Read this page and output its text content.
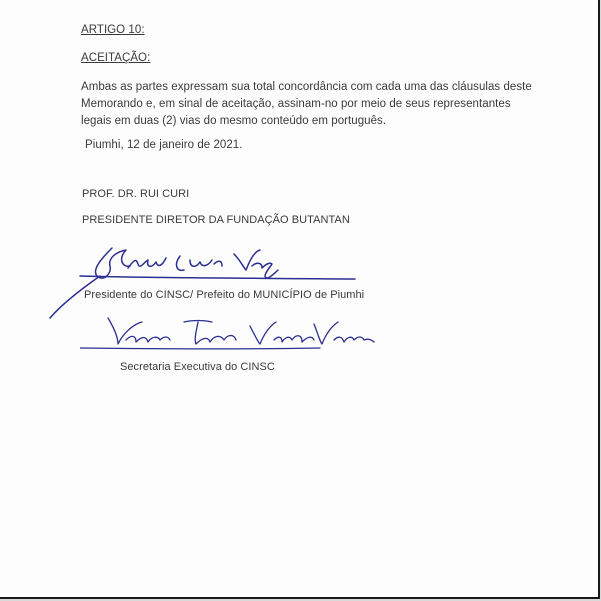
ARTIGO 10:
ACEITAÇÃO:
Ambas as partes expressam sua total concordância com cada uma das cláusulas deste
Memorando e, em sinal de aceitação, assinam-no por meio de seus representantes
legais em duas (2) vias do mesmo conteúdo em português.
Piumhi, 12 de janeiro de 2021.
PROF. DR. RUI CURI
PRESIDENTE DIRETOR DA FUNDAÇÃO BUTANTAN
Presidente do CINSC/ Prefeito do MUNICÍPIO de Piumhi
Secretaria Executiva do CINSC
